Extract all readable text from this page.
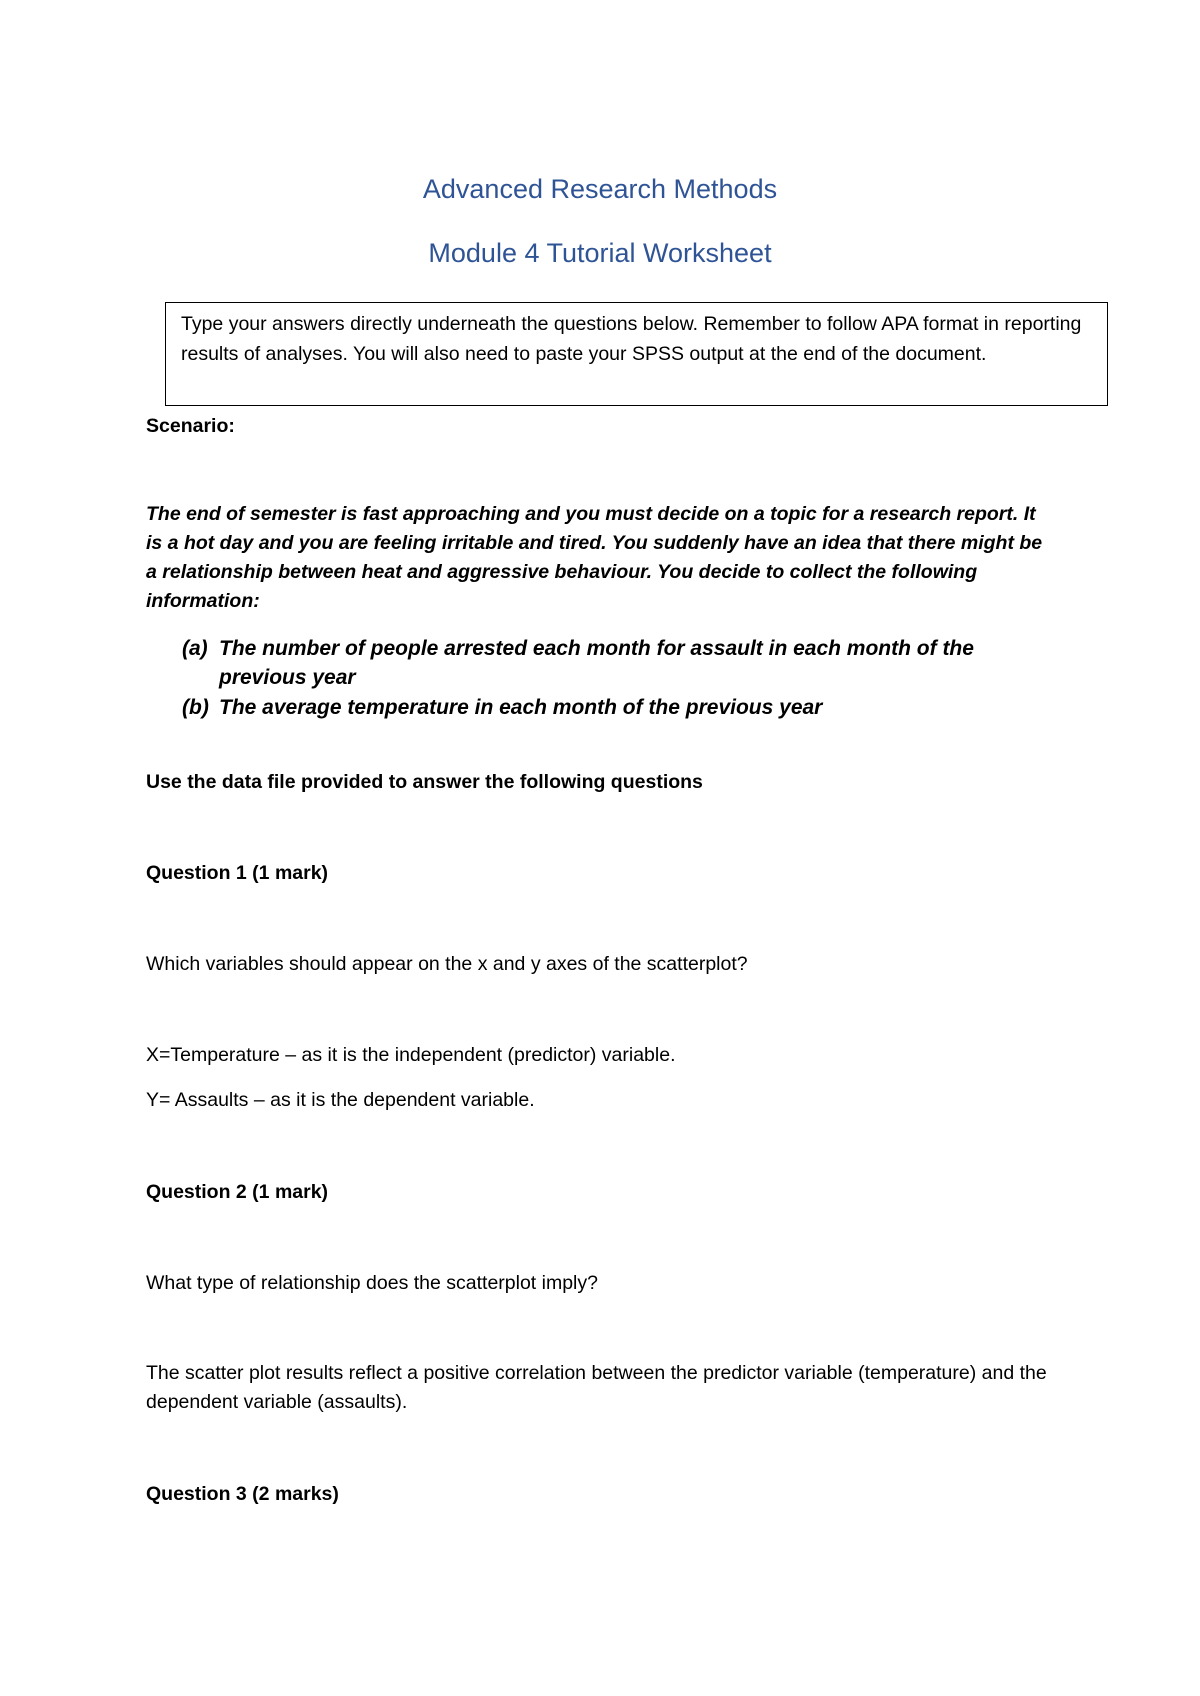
Advanced Research Methods
Module 4 Tutorial Worksheet
Type your answers directly underneath the questions below. Remember to follow APA format in reporting results of analyses. You will also need to paste your SPSS output at the end of the document.
Scenario:
The end of semester is fast approaching and you must decide on a topic for a research report. It is a hot day and you are feeling irritable and tired. You suddenly have an idea that there might be a relationship between heat and aggressive behaviour. You decide to collect the following information:
(a) The number of people arrested each month for assault in each month of the previous year
(b) The average temperature in each month of the previous year
Use the data file provided to answer the following questions
Question 1 (1 mark)
Which variables should appear on the x and y axes of the scatterplot?
X=Temperature – as it is the independent (predictor) variable.
Y= Assaults – as it is the dependent variable.
Question 2 (1 mark)
What type of relationship does the scatterplot imply?
The scatter plot results reflect a positive correlation between the predictor variable (temperature) and the dependent variable (assaults).
Question 3 (2 marks)
